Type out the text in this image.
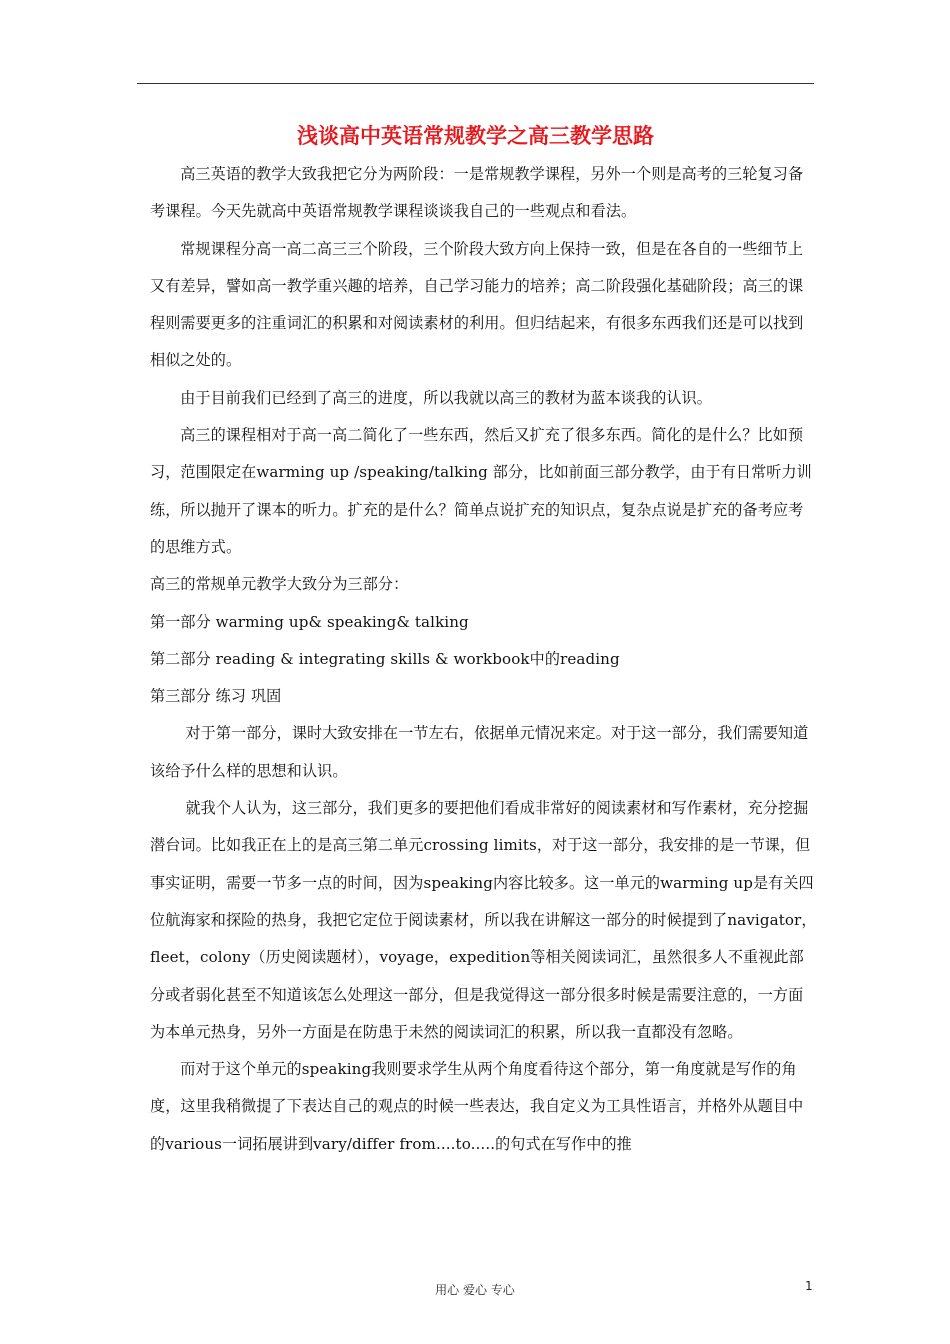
浅谈高中英语常规教学之高三教学思路

高三英语的教学大致我把它分为两阶段：一是常规教学课程，另外一个则是高考的三轮复习备考课程。今天先就高中英语常规教学课程谈谈我自己的一些观点和看法。

常规课程分高一高二高三三个阶段，三个阶段大致方向上保持一致，但是在各自的一些细节上又有差异，譬如高一教学重兴趣的培养，自己学习能力的培养；高二阶段强化基础阶段；高三的课程则需要更多的注重词汇的积累和对阅读素材的利用。但归结起来，有很多东西我们还是可以找到相似之处的。

由于目前我们已经到了高三的进度，所以我就以高三的教材为蓝本谈我的认识。

高三的课程相对于高一高二简化了一些东西，然后又扩充了很多东西。简化的是什么？比如预习，范围限定在warming up /speaking/talking 部分，比如前面三部分教学，由于有日常听力训练，所以抛开了课本的听力。扩充的是什么？简单点说扩充的知识点，复杂点说是扩充的备考应考的思维方式。

高三的常规单元教学大致分为三部分：

第一部分 warming up& speaking& talking

第二部分 reading & integrating skills & workbook中的reading

第三部分 练习 巩固

对于第一部分，课时大致安排在一节左右，依据单元情况来定。对于这一部分，我们需要知道该给予什么样的思想和认识。

就我个人认为，这三部分，我们更多的要把他们看成非常好的阅读素材和写作素材，充分挖掘潜台词。比如我正在上的是高三第二单元crossing limits，对于这一部分，我安排的是一节课，但事实证明，需要一节多一点的时间，因为speaking内容比较多。这一单元的warming up是有关四位航海家和探险的热身，我把它定位于阅读素材，所以我在讲解这一部分的时候提到了navigator，fleet，colony（历史阅读题材），voyage，expedition等相关阅读词汇，虽然很多人不重视此部分或者弱化甚至不知道该怎么处理这一部分，但是我觉得这一部分很多时候是需要注意的，一方面为本单元热身，另外一方面是在防患于未然的阅读词汇的积累，所以我一直都没有忽略。

而对于这个单元的speaking我则要求学生从两个角度看待这个部分，第一角度就是写作的角度，这里我稍微提了下表达自己的观点的时候一些表达，我自定义为工具性语言，并格外从题目中的various一词拓展讲到vary/differ from....to.....的句式在写作中的推

用心 爱心 专心	1
